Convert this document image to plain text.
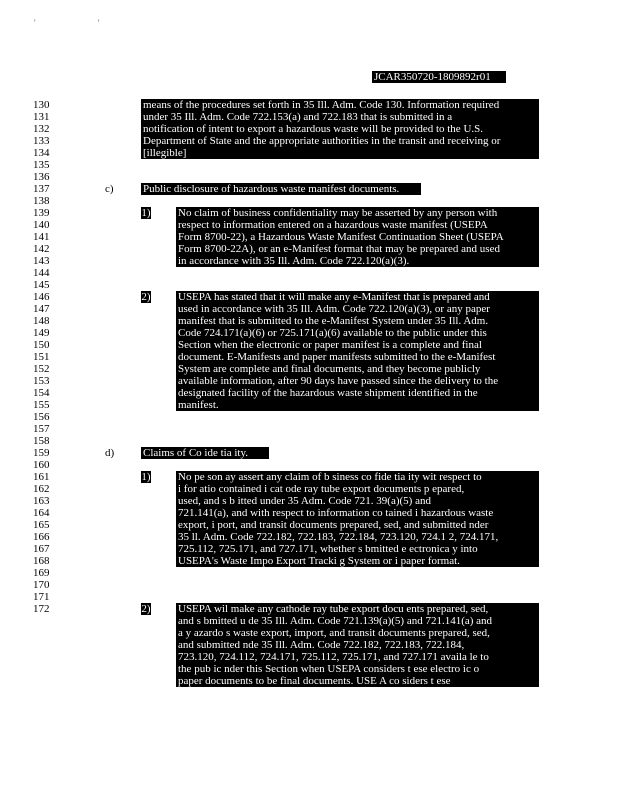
' '
JCAR350720-1809892r01
130
131
132
133
134
135
136
137
138
139
140
141
142
143
144
145
146
147
148
149
150
151
152
153
154
155
156
157
158
159
160
161
162
163
164
165
166
167
168
169
170
171
172
means of the procedures set forth in 35 Ill. Adm. Code 130. Information required
under 35 Ill. Adm. Code 722.153(a) and 722.183 that is submitted in a
notification of intent to export a hazardous waste will be provided to the U.S.
Department of State and the appropriate authorities in the transit and receiving or
[illegible]
c)	Public disclosure of hazardous waste manifest documents.
1) No claim of business confidentiality may be asserted by any person with
respect to information entered on a hazardous waste manifest (USEPA
Form 8700-22), a Hazardous Waste Manifest Continuation Sheet (USEPA
Form 8700-22A), or an e-Manifest format that may be prepared and used
in accordance with 35 Ill. Adm. Code 722.120(a)(3).
2) USEPA has stated that it will make any e-Manifest that is prepared and
used in accordance with 35 Ill. Adm. Code 722.120(a)(3), or any paper
manifest that is submitted to the e-Manifest System under 35 Ill. Adm.
Code 724.171(a)(6) or 725.171(a)(6) available to the public under this
Section when the electronic or paper manifest is a complete and final
document. E-Manifests and paper manifests submitted to the e-Manifest
System are complete and final documents, and they become publicly
available information, after 90 days have passed since the delivery to the
designated facility of the hazardous waste shipment identified in the
manifest.
d)	Claims of Co ide tia ity.
1) No pe son ay assert any claim of b siness co fide tia ity wit respect to
i for atio contained i cat ode ray tube export documents p epared,
used, and s b itted under 35 Adm. Code 721. 39(a)(5) and
721.141(a), and with respect to information co tained i hazardous waste
export, i port, and transit documents prepared, sed, and submitted nder
35 ll. Adm. Code 722.182, 722.183, 722.184, 723.120, 724.1 2, 724.171,
725.112, 725.171, and 727.171, whether s bmitted e ectronica y into
USEPA's Waste Impo Export Tracki g System or i paper format.
2) USEPA wil make any cathode ray tube export docu ents prepared, sed,
and s bmitted u de 35 Ill. Adm. Code 721.139(a)(5) and 721.141(a) and
a y azardo s waste export, import, and transit documents prepared, sed,
and submitted nde 35 Ill. Adm. Code 722.182, 722.183, 722.184,
723.120, 724.112, 724.171, 725.112, 725.171, and 727.171 availa le to
the pub ic nder this Section when USEPA considers t ese electro ic o
paper documents to be final documents. USE A co siders t ese
